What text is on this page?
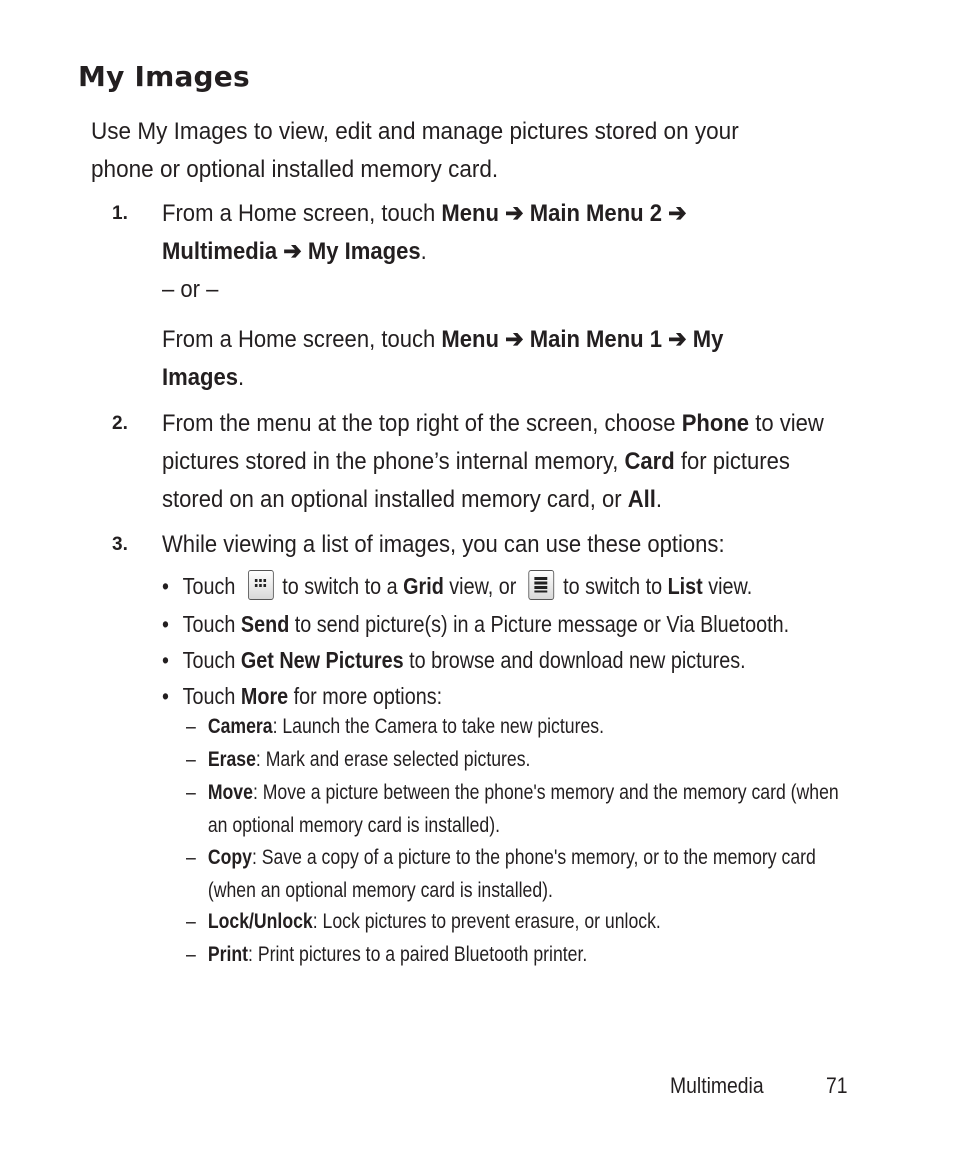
My Images

Use My Images to view, edit and manage pictures stored on your phone or optional installed memory card.

1. From a Home screen, touch Menu ➔ Main Menu 2 ➔
Multimedia ➔ My Images.

– or –
From a Home screen, touch Menu ➔ Main Menu 1 ➔ My
Images.
2. From the menu at the top right of the screen, choose Phone to view pictures stored in the phone’s internal memory, Card for pictures stored on an optional installed memory card, or All.
3. While viewing a list of images, you can use these options:
• Touch to switch to a Grid view, or to switch to List view.
• Touch Send to send picture(s) in a Picture message or Via Bluetooth.
• Touch Get New Pictures to browse and download new pictures.
• Touch More for more options:
– Camera: Launch the Camera to take new pictures.
– Erase: Mark and erase selected pictures.
– Move: Move a picture between the phone's memory and the memory card (when an optional memory card is installed).
– Copy: Save a copy of a picture to the phone's memory, or to the memory card (when an optional memory card is installed).
– Lock/Unlock: Lock pictures to prevent erasure, or unlock.
– Print: Print pictures to a paired Bluetooth printer.
Multimedia	71
